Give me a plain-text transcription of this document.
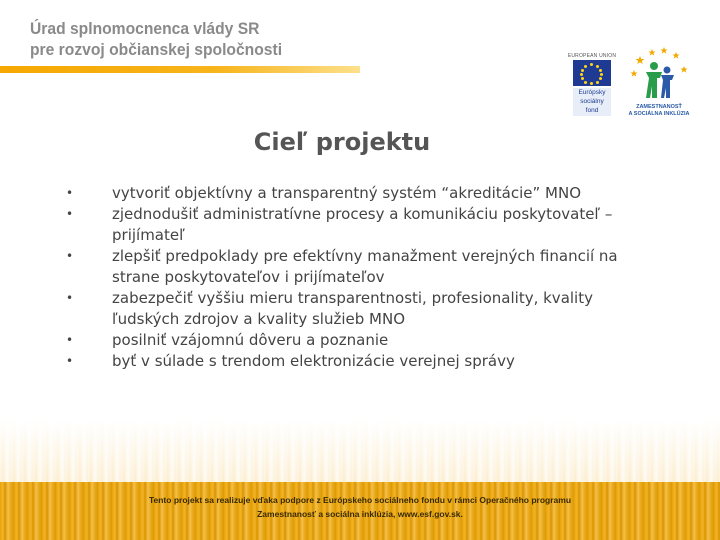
Úrad splnomocnenca vlády SR
pre rozvoj občianskej spoločnosti	EUROPEAN UNION
Európsky
sociálny
fond	ZAMESTNANOSŤ
A SOCIÁLNA INKLÚZIA
Cieľ projektu
•	vytvoriť objektívny a transparentný systém “akreditácie” MNO
•	zjednodušiť administratívne procesy a komunikáciu poskytovateľ – prijímateľ
•	zlepšiť predpoklady pre efektívny manažment verejných financií na strane poskytovateľov i prijímateľov
•	zabezpečiť vyššiu mieru transparentnosti, profesionality, kvality ľudských zdrojov a kvality služieb MNO
•	posilniť vzájomnú dôveru a poznanie
•	byť v súlade s trendom elektronizácie verejnej správy
Tento projekt sa realizuje vďaka podpore z Európskeho sociálneho fondu v rámci Operačného programu
Zamestnanosť a sociálna inklúzia, www.esf.gov.sk.
